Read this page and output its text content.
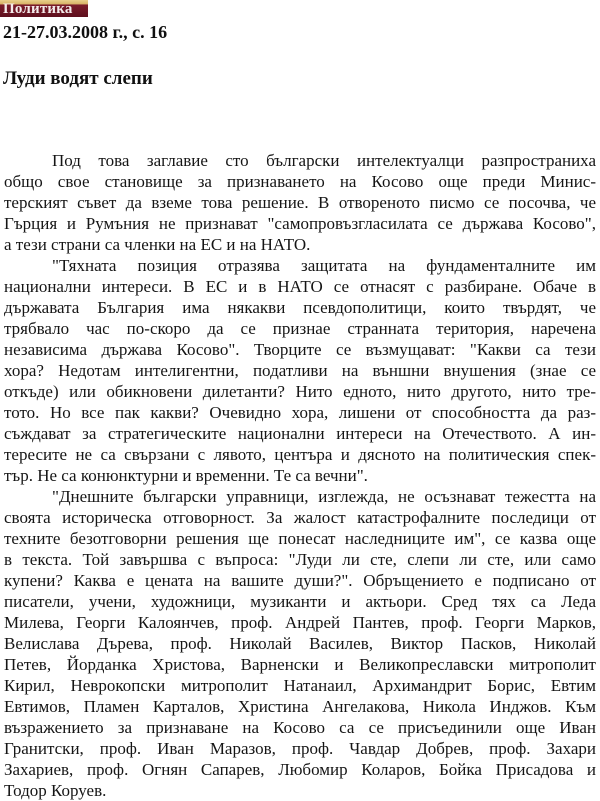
Политика
21-27.03.2008 г., с. 16
Луди водят слепи
Под това заглавие сто български интелектуалци разпространиха
общо свое становище за признаването на Косово още преди Минис-
терският съвет да вземе това решение. В отвореното писмо се посочва, че
Гърция и Румъния не признават "самопровъзгласилата се държава Косово",
а тези страни са членки на ЕС и на НАТО.
"Тяхната позиция отразява защитата на фундаменталните им
национални интереси. В ЕС и в НАТО се отнасят с разбиране. Обаче в
държавата България има някакви псевдополитици, които твърдят, че
трябвало час по-скоро да се признае странната територия, наречена
независима държава Косово". Творците се възмущават: "Какви са тези
хора? Недотам интелигентни, податливи на външни внушения (знае се
откъде) или обикновени дилетанти? Нито едното, нито другото, нито тре-
тото. Но все пак какви? Очевидно хора, лишени от способността да раз-
съждават за стратегическите национални интереси на Отечеството. А ин-
тересите не са свързани с лявото, центъра и дясното на политическия спек-
тър. Не са конюнктурни и временни. Те са вечни".
"Днешните български управници, изглежда, не осъзнават тежестта на
своята историческа отговорност. За жалост катастрофалните последици от
техните безотговорни решения ще понесат наследниците им", се казва още
в текста. Той завършва с въпроса: "Луди ли сте, слепи ли сте, или само
купени? Каква е цената на вашите души?". Обръщението е подписано от
писатели, учени, художници, музиканти и актьори. Сред тях са Леда
Милева, Георги Калоянчев, проф. Андрей Пантев, проф. Георги Марков,
Велислава Дърева, проф. Николай Василев, Виктор Пасков, Николай
Петев, Йорданка Христова, Варненски и Великопреславски митрополит
Кирил, Неврокопски митрополит Натанаил, Архимандрит Борис, Евтим
Евтимов, Пламен Карталов, Христина Ангелакова, Никола Инджов. Към
възражението за признаване на Косово са се присъединили още Иван
Гранитски, проф. Иван Маразов, проф. Чавдар Добрев, проф. Захари
Захариев, проф. Огнян Сапарев, Любомир Коларов, Бойка Присадова и
Тодор Коруев.
